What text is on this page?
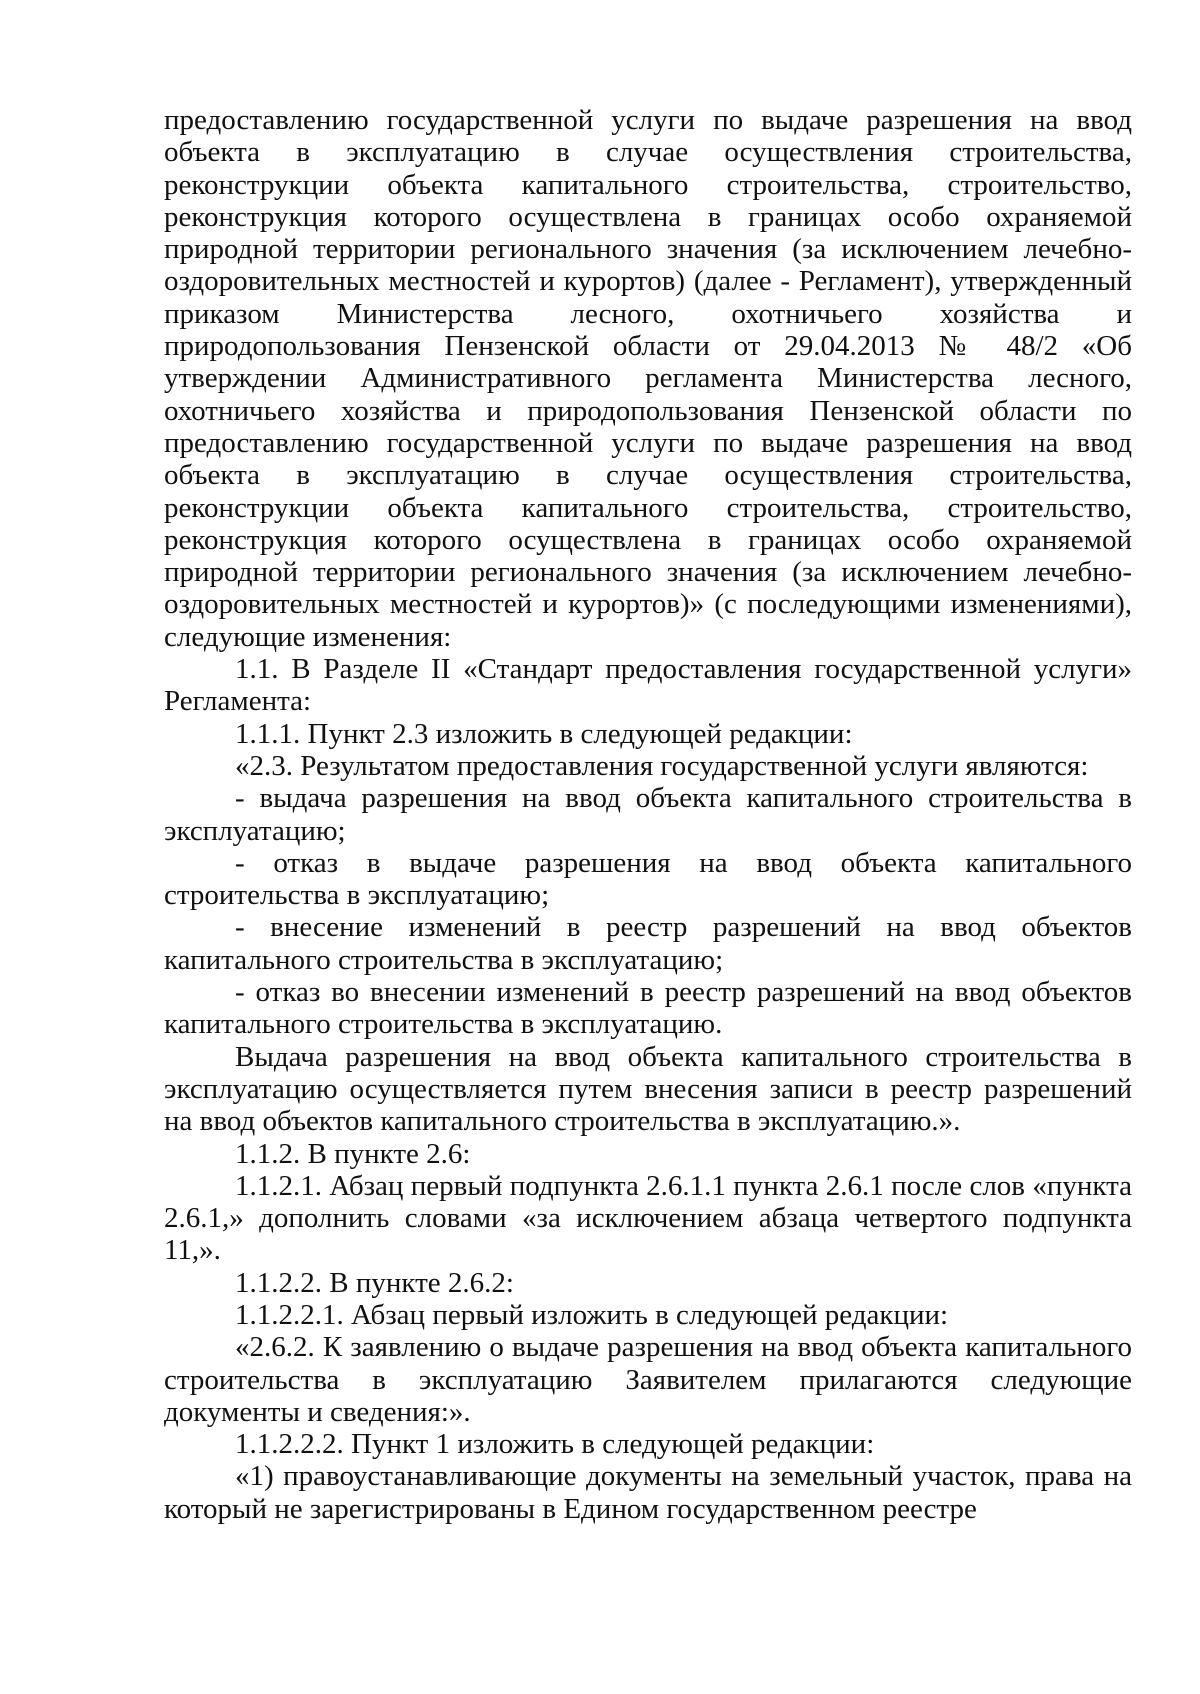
предоставлению государственной услуги по выдаче разрешения на ввод объекта в эксплуатацию в случае осуществления строительства, реконструкции объекта капитального строительства, строительство, реконструкция которого осуществлена в границах особо охраняемой природной территории регионального значения (за исключением лечебно-оздоровительных местностей и курортов) (далее - Регламент), утвержденный приказом Министерства лесного, охотничьего хозяйства и природопользования Пензенской области от 29.04.2013 № 48/2 «Об утверждении Административного регламента Министерства лесного, охотничьего хозяйства и природопользования Пензенской области по предоставлению государственной услуги по выдаче разрешения на ввод объекта в эксплуатацию в случае осуществления строительства, реконструкции объекта капитального строительства, строительство, реконструкция которого осуществлена в границах особо охраняемой природной территории регионального значения (за исключением лечебно-оздоровительных местностей и курортов)» (с последующими изменениями), следующие изменения:

1.1. В Разделе II «Стандарт предоставления государственной услуги» Регламента:

1.1.1. Пункт 2.3 изложить в следующей редакции:

«2.3. Результатом предоставления государственной услуги являются:

- выдача разрешения на ввод объекта капитального строительства в эксплуатацию;

- отказ в выдаче разрешения на ввод объекта капитального строительства в эксплуатацию;

- внесение изменений в реестр разрешений на ввод объектов капитального строительства в эксплуатацию;

- отказ во внесении изменений в реестр разрешений на ввод объектов капитального строительства в эксплуатацию.

Выдача разрешения на ввод объекта капитального строительства в эксплуатацию осуществляется путем внесения записи в реестр разрешений на ввод объектов капитального строительства в эксплуатацию.».

1.1.2. В пункте 2.6:

1.1.2.1. Абзац первый подпункта 2.6.1.1 пункта 2.6.1 после слов «пункта 2.6.1,» дополнить словами «за исключением абзаца четвертого подпункта 11,».

1.1.2.2. В пункте 2.6.2:

1.1.2.2.1. Абзац первый изложить в следующей редакции:

«2.6.2. К заявлению о выдаче разрешения на ввод объекта капитального строительства в эксплуатацию Заявителем прилагаются следующие документы и сведения:».

1.1.2.2.2. Пункт 1 изложить в следующей редакции:

«1) правоустанавливающие документы на земельный участок, права на который не зарегистрированы в Едином государственном реестре
